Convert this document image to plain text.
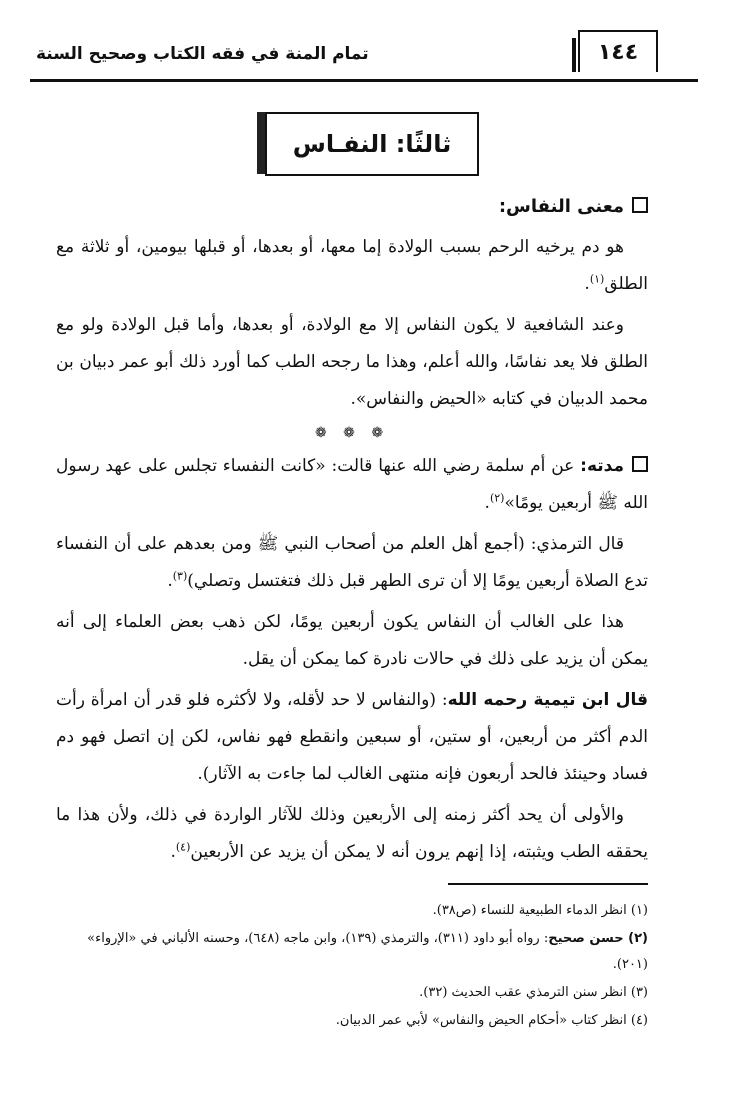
١٤٤
تمام المنة في فقه الكتاب وصحيح السنة
ثالثًا: النفـاس

معنى النفاس:

هو دم يرخيه الرحم بسبب الولادة إما معها، أو بعدها، أو قبلها بيومين، أو ثلاثة مع الطلق$^{(١)}$.

وعند الشافعية لا يكون النفاس إلا مع الولادة، أو بعدها، وأما قبل الولادة ولو مع الطلق فلا يعد نفاسًا، والله أعلم، وهذا ما رجحه الطب كما أورد ذلك أبو عمر دبيان بن محمد الدبيان في كتابه «الحيض والنفاس».

❁ ❁ ❁

مدته: عن أم سلمة رضي الله عنها قالت: «كانت النفساء تجلس على عهد رسول الله ﷺ أربعين يومًا»$^{(٢)}$.

قال الترمذي: (أجمع أهل العلم من أصحاب النبي ﷺ ومن بعدهم على أن النفساء تدع الصلاة أربعين يومًا إلا أن ترى الطهر قبل ذلك فتغتسل وتصلي)$^{(٣)}$.

هذا على الغالب أن النفاس يكون أربعين يومًا، لكن ذهب بعض العلماء إلى أنه يمكن أن يزيد على ذلك في حالات نادرة كما يمكن أن يقل.

قال ابن تيمية رحمه الله: (والنفاس لا حد لأقله، ولا لأكثره فلو قدر أن امرأة رأت الدم أكثر من أربعين، أو ستين، أو سبعين وانقطع فهو نفاس، لكن إن اتصل فهو دم فساد وحينئذ فالحد أربعون فإنه منتهى الغالب لما جاءت به الآثار).

والأولى أن يحد أكثر زمنه إلى الأربعين وذلك للآثار الواردة في ذلك، ولأن هذا ما يحققه الطب ويثبته، إذا إنهم يرون أنه لا يمكن أن يزيد عن الأربعين$^{(٤)}$.

(١) انظر الدماء الطبيعية للنساء (ص٣٨).

(٢) حسن صحيح: رواه أبو داود (٣١١)، والترمذي (١٣٩)، وابن ماجه (٦٤٨)، وحسنه الألباني في «الإرواء» (٢٠١).

(٣) انظر سنن الترمذي عقب الحديث (٣٢).

(٤) انظر كتاب «أحكام الحيض والنفاس» لأبي عمر الدبيان.
